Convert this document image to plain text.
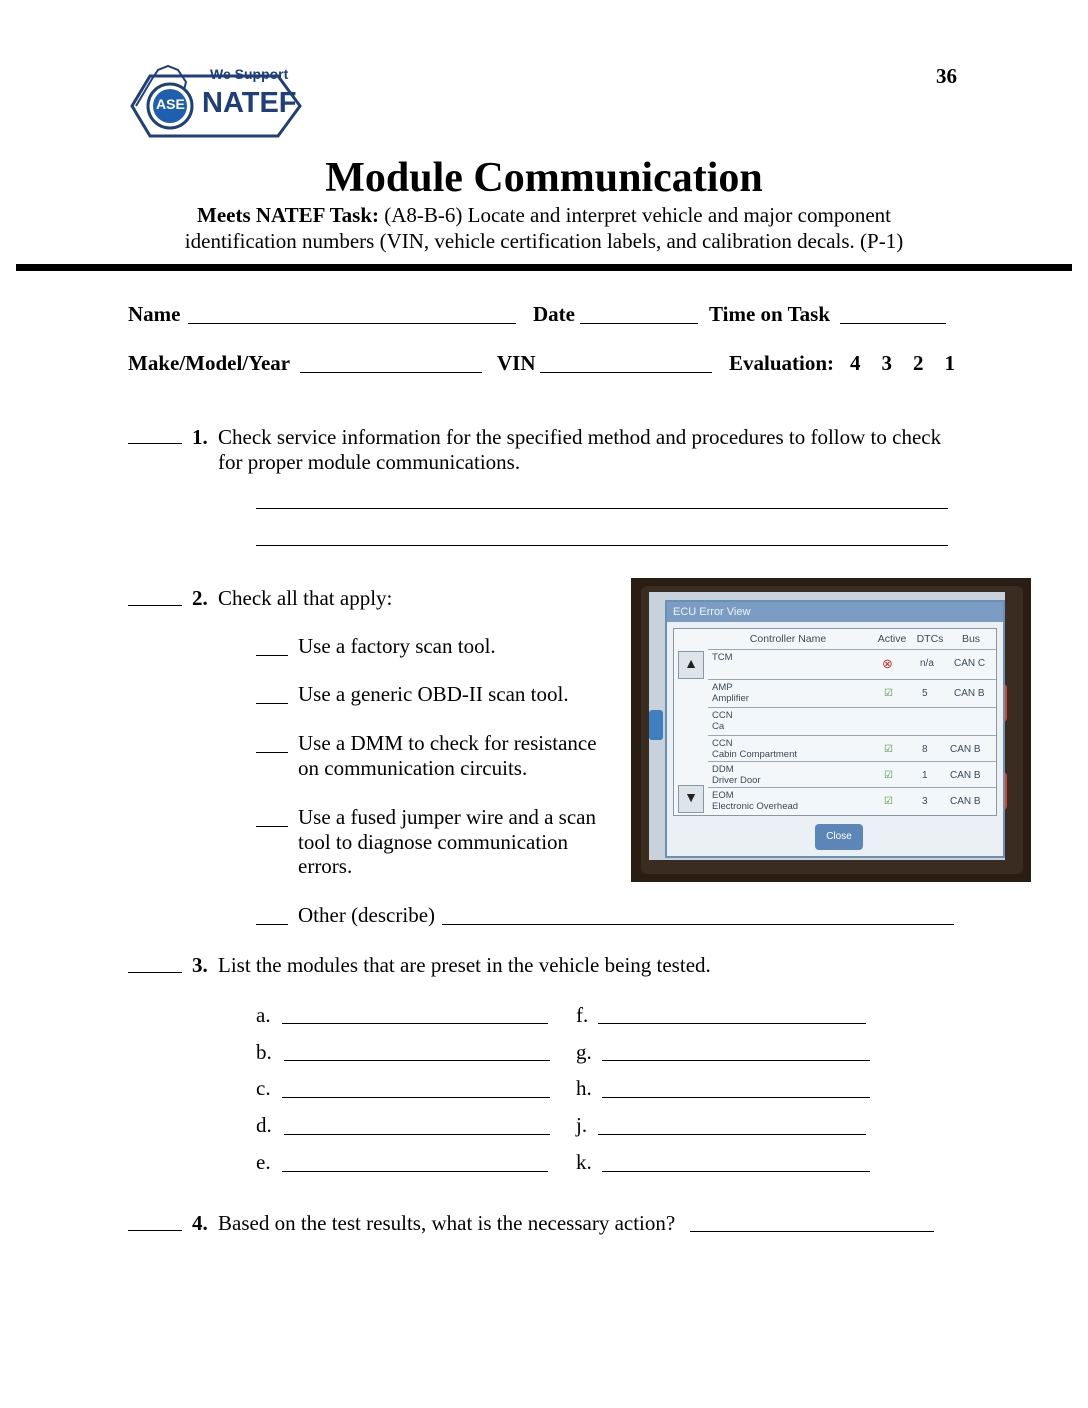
We Support
ASE NATEF
36
Module Communication
Meets NATEF Task: (A8-B-6) Locate and interpret vehicle and major component
identification numbers (VIN, vehicle certification labels, and calibration decals. (P-1)
Name	Date	Time on Task
Make/Model/Year	VIN	Evaluation: 4    3    2    1
1. Check service information for the specified method and procedures to follow to check
for proper module communications.
2. Check all that apply:
Use a factory scan tool.
Use a generic OBD-II scan tool.
Use a DMM to check for resistance
on communication circuits.
Use a fused jumper wire and a scan
tool to diagnose communication
errors.
Other (describe)
ECU Error View
Controller Name	Active DTCs	Bus
▲
▼
TCM	⊗	n/a CAN C
AMP
Amplifier	☑	5	CAN B
CCN
Ca
CCN
Cabin Compartment	☑	8 CAN B
DDM
Driver Door	☑	1 CAN B
EOM
Electronic Overhead	☑	3 CAN B
Close
3. List the modules that are preset in the vehicle being tested.
a.
b.
c.
d.
e.
f.
g.
h.
j.
k.
4. Based on the test results, what is the necessary action?
